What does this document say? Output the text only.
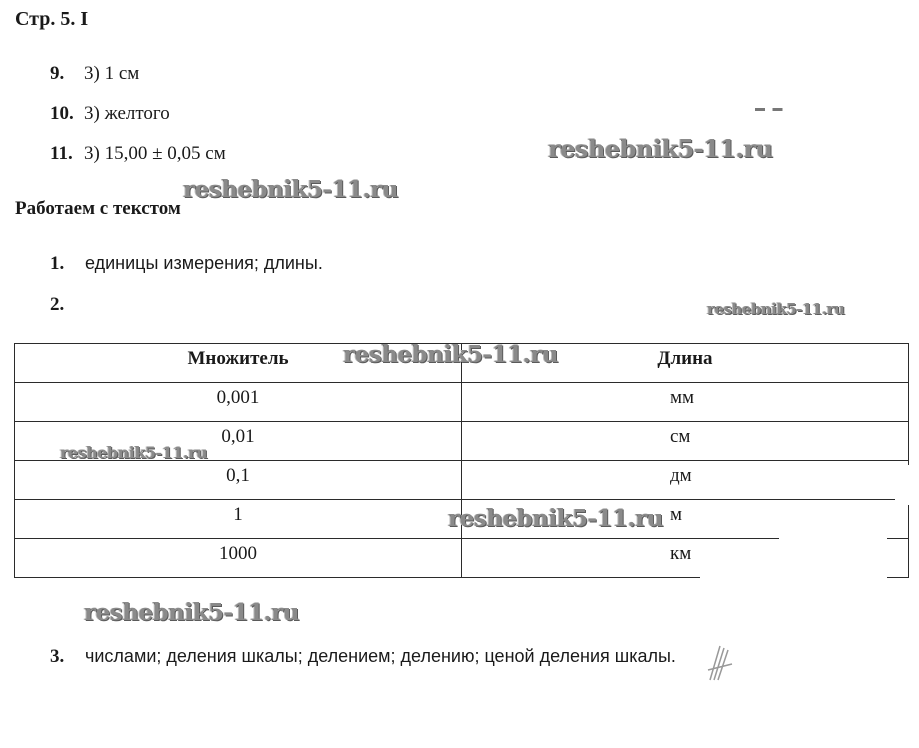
Стр. 5. I
9. 3) 1 см
10. 3) желтого
11. 3) 15,00 ± 0,05 см
Работаем с текстом
1. единицы измерения; длины.
2.
Множитель	Длина
0,001	мм
0,01	см
0,1	дм
1	м
1000	км
3. числами; деления шкалы; делением; делению; ценой деления шкалы.
reshebnik5-11.ru
reshebnik5-11.ru
reshebnik5-11.ru
reshebnik5-11.ru
reshebnik5-11.ru
reshebnik5-11.ru
reshebnik5-11.ru
▬   ▬
